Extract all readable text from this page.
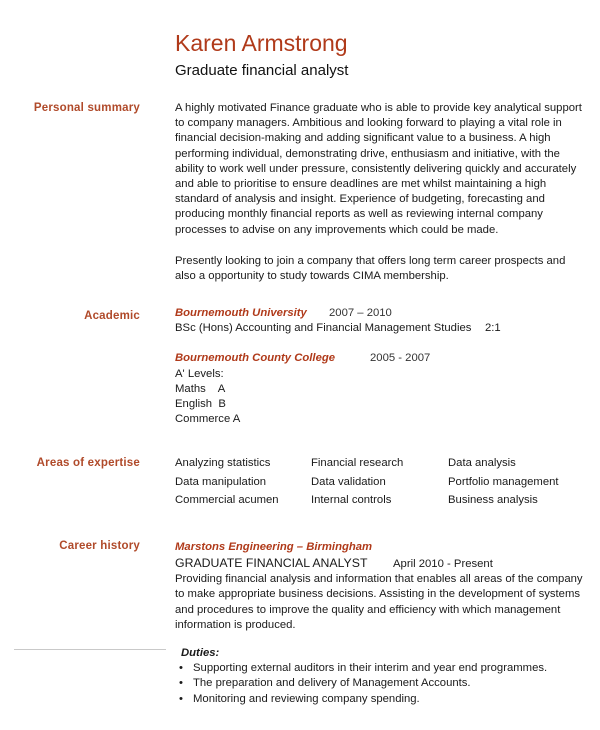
Karen Armstrong
Graduate financial analyst
Personal summary	A highly motivated Finance graduate who is able to provide key analytical support
to company managers. Ambitious and looking forward to playing a vital role in
financial decision-making and adding significant value to a business. A high
performing individual, demonstrating drive, enthusiasm and initiative, with the
ability to work well under pressure, consistently delivering quickly and accurately
and able to prioritise to ensure deadlines are met whilst maintaining a high
standard of analysis and insight. Experience of budgeting, forecasting and
producing monthly financial reports as well as reviewing internal company
processes to advise on any improvements which could be made.
Presently looking to join a company that offers long term career prospects and
also a opportunity to study towards CIMA membership.
Academic	Bournemouth University 2007 – 2010
BSc (Hons) Accounting and Financial Management Studies 2:1
Bournemouth County College	2005 - 2007
A' Levels:
Maths    A
English  B
Commerce A
Areas of expertise	Analyzing statistics	Financial research	Data analysis
Data manipulation	Data validation	Portfolio management
Commercial acumen	Internal controls	Business analysis
Career history	Marstons Engineering – Birmingham
GRADUATE FINANCIAL ANALYST April 2010 - Present
Providing financial analysis and information that enables all areas of the company
to make appropriate business decisions. Assisting in the development of systems
and procedures to improve the quality and efficiency with which management
information is produced.
Duties:
• Supporting external auditors in their interim and year end programmes.
• The preparation and delivery of Management Accounts.
• Monitoring and reviewing company spending.
